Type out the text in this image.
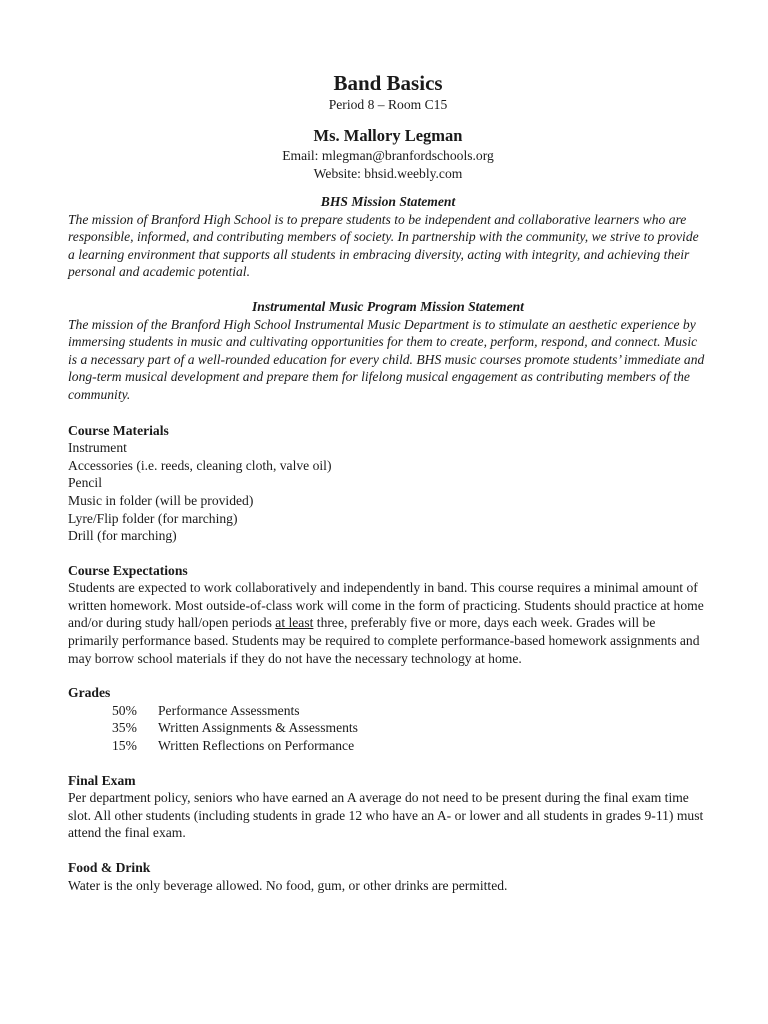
Band Basics
Period 8 – Room C15
Ms. Mallory Legman
Email: mlegman@branfordschools.org
Website: bhsid.weebly.com
BHS Mission Statement

The mission of Branford High School is to prepare students to be independent and collaborative learners who are responsible, informed, and contributing members of society. In partnership with the community, we strive to provide a learning environment that supports all students in embracing diversity, acting with integrity, and achieving their personal and academic potential.

Instrumental Music Program Mission Statement

The mission of the Branford High School Instrumental Music Department is to stimulate an aesthetic experience by immersing students in music and cultivating opportunities for them to create, perform, respond, and connect. Music is a necessary part of a well-rounded education for every child. BHS music courses promote students’ immediate and long-term musical development and prepare them for lifelong musical engagement as contributing members of the community.

Course Materials
Instrument
Accessories (i.e. reeds, cleaning cloth, valve oil)
Pencil
Music in folder (will be provided)
Lyre/Flip folder (for marching)
Drill (for marching)
Course Expectations

Students are expected to work collaboratively and independently in band. This course requires a minimal amount of written homework. Most outside-of-class work will come in the form of practicing. Students should practice at home and/or during study hall/open periods at least three, preferably five or more, days each week. Grades will be primarily performance based. Students may be required to complete performance-based homework assignments and may borrow school materials if they do not have the necessary technology at home.

Grades
50%	Performance Assessments
35%	Written Assignments & Assessments
15%	Written Reflections on Performance
Final Exam

Per department policy, seniors who have earned an A average do not need to be present during the final exam time slot. All other students (including students in grade 12 who have an A- or lower and all students in grades 9-11) must attend the final exam.

Food & Drink

Water is the only beverage allowed. No food, gum, or other drinks are permitted.
